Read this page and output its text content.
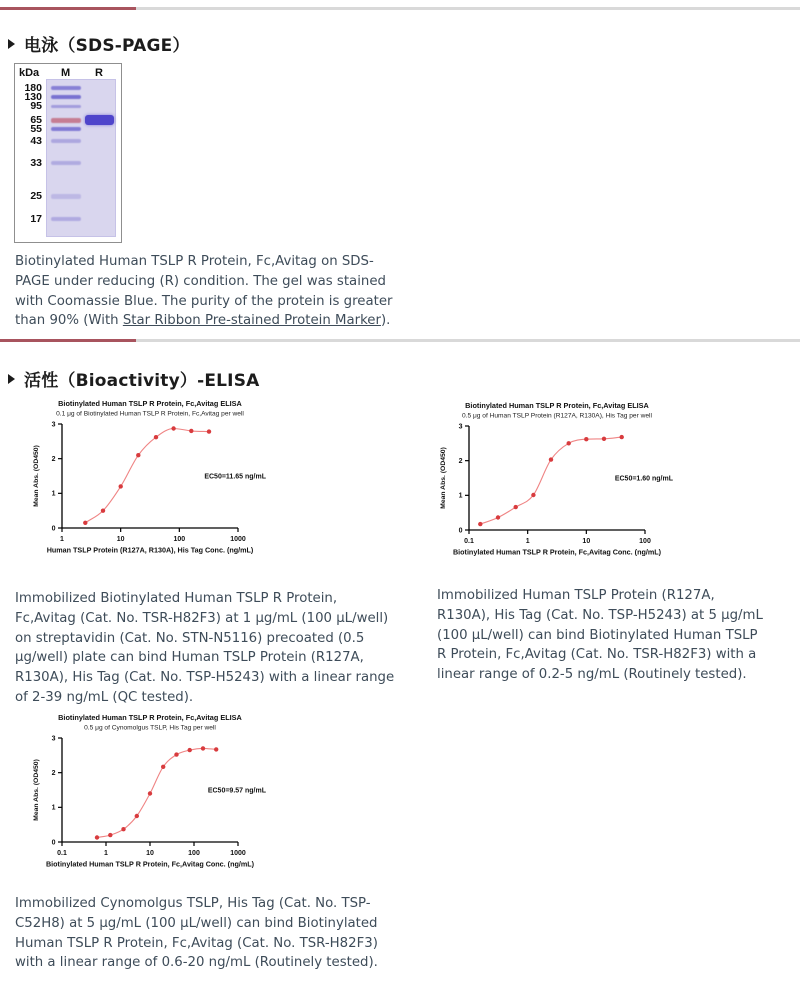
电泳（SDS-PAGE）
kDa M R
180
130
95
65
55
43
33
25
17

Biotinylated Human TSLP R Protein, Fc,Avitag on SDS-PAGE under reducing (R) condition. The gel was stained with Coomassie Blue. The purity of the protein is greater than 90% (With Star Ribbon Pre-stained Protein Marker).

活性（Bioactivity）-ELISA
Biotinylated Human TSLP R Protein, Fc,Avitag ELISA
0.1 μg of Biotinylated Human TSLP R Protein, Fc,Avitag per well
0
1
2
3
1	10	100	1000
Human TSLP Protein (R127A, R130A), His Tag Conc. (ng/mL)
Mean Abs. (OD450)	EC50=11.65 ng/mL
Biotinylated Human TSLP R Protein, Fc,Avitag ELISA
0.5 μg of Human TSLP Protein (R127A, R130A), His Tag per well
0
1
2
3
0.1	1	10	100
Biotinylated Human TSLP R Protein, Fc,Avitag Conc. (ng/mL)
Mean Abs. (OD450)	EC50=1.60 ng/mL

Immobilized Biotinylated Human TSLP R Protein, Fc,Avitag (Cat. No. TSR-H82F3) at 1 μg/mL (100 μL/well) on streptavidin (Cat. No. STN-N5116) precoated (0.5 μg/well) plate can bind Human TSLP Protein (R127A, R130A), His Tag (Cat. No. TSP-H5243) with a linear range of 2-39 ng/mL (QC tested).

Immobilized Human TSLP Protein (R127A, R130A), His Tag (Cat. No. TSP-H5243) at 5 μg/mL (100 μL/well) can bind Biotinylated Human TSLP R Protein, Fc,Avitag (Cat. No. TSR-H82F3) with a linear range of 0.2-5 ng/mL (Routinely tested).

Biotinylated Human TSLP R Protein, Fc,Avitag ELISA
0.5 μg of Cynomolgus TSLP, His Tag per well
0
1
2
3
0.1	1	10	100	1000
Biotinylated Human TSLP R Protein, Fc,Avitag Conc. (ng/mL)
Mean Abs. (OD450)	EC50=9.57 ng/mL

Immobilized Cynomolgus TSLP, His Tag (Cat. No. TSP-C52H8) at 5 μg/mL (100 μL/well) can bind Biotinylated Human TSLP R Protein, Fc,Avitag (Cat. No. TSR-H82F3) with a linear range of 0.6-20 ng/mL (Routinely tested).
